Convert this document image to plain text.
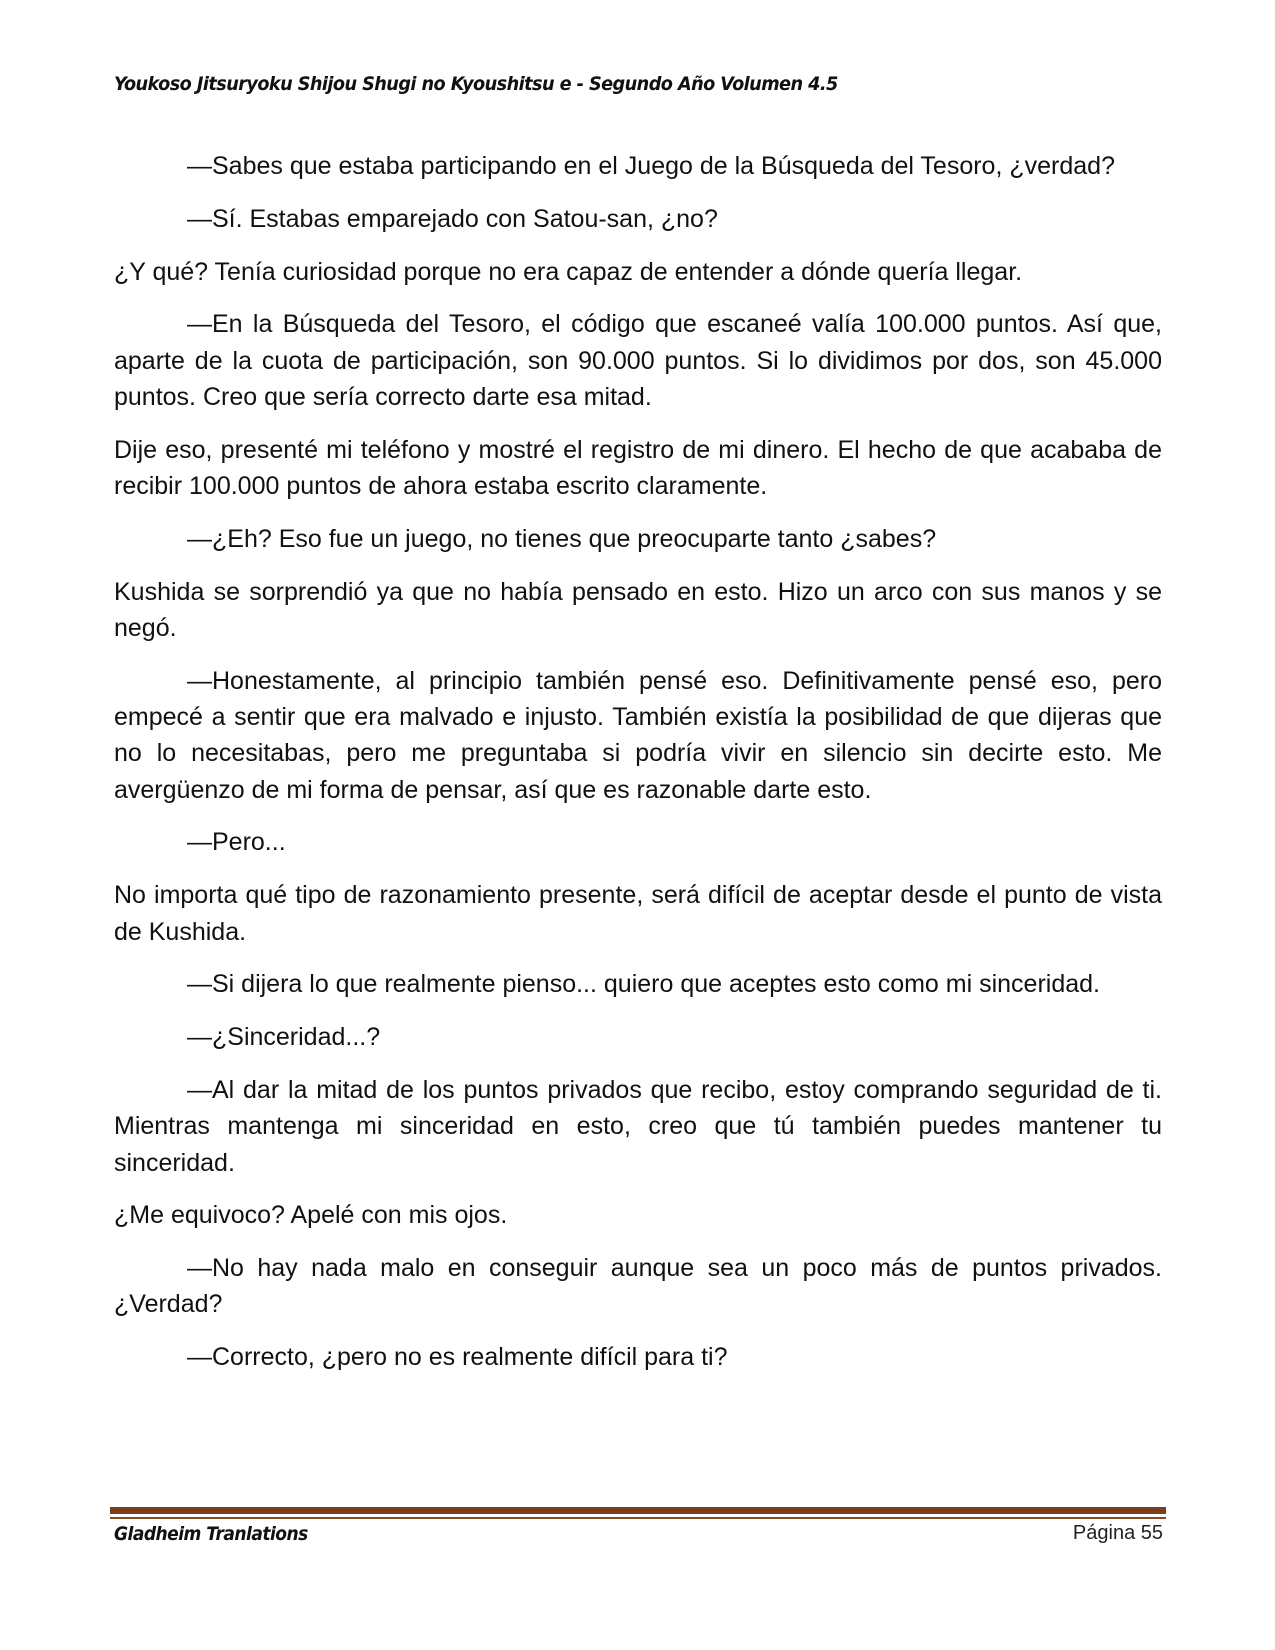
Youkoso Jitsuryoku Shijou Shugi no Kyoushitsu e - Segundo Año Volumen 4.5

—Sabes que estaba participando en el Juego de la Búsqueda del Tesoro, ¿verdad?

—Sí. Estabas emparejado con Satou-san, ¿no?

¿Y qué? Tenía curiosidad porque no era capaz de entender a dónde quería llegar.

—En la Búsqueda del Tesoro, el código que escaneé valía 100.000 puntos. Así que, aparte de la cuota de participación, son 90.000 puntos. Si lo dividimos por dos, son 45.000 puntos. Creo que sería correcto darte esa mitad.

Dije eso, presenté mi teléfono y mostré el registro de mi dinero. El hecho de que acababa de recibir 100.000 puntos de ahora estaba escrito claramente.

—¿Eh? Eso fue un juego, no tienes que preocuparte tanto ¿sabes?

Kushida se sorprendió ya que no había pensado en esto. Hizo un arco con sus manos y se negó.

—Honestamente, al principio también pensé eso. Definitivamente pensé eso, pero empecé a sentir que era malvado e injusto. También existía la posibilidad de que dijeras que no lo necesitabas, pero me preguntaba si podría vivir en silencio sin decirte esto. Me avergüenzo de mi forma de pensar, así que es razonable darte esto.

—Pero...

No importa qué tipo de razonamiento presente, será difícil de aceptar desde el punto de vista de Kushida.

—Si dijera lo que realmente pienso... quiero que aceptes esto como mi sinceridad.

—¿Sinceridad...?

—Al dar la mitad de los puntos privados que recibo, estoy comprando seguridad de ti. Mientras mantenga mi sinceridad en esto, creo que tú también puedes mantener tu sinceridad.

¿Me equivoco? Apelé con mis ojos.

—No hay nada malo en conseguir aunque sea un poco más de puntos privados. ¿Verdad?

—Correcto, ¿pero no es realmente difícil para ti?

Gladheim Tranlations	Página 55
